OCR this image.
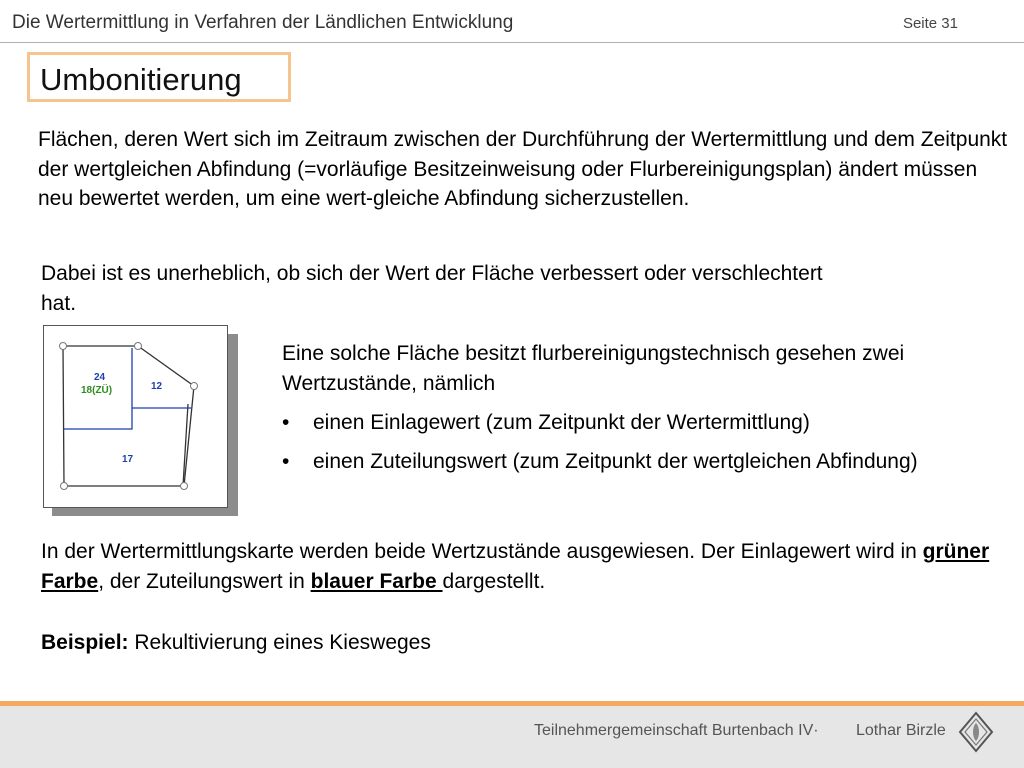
Die Wertermittlung in Verfahren der Ländlichen Entwicklung	Seite 31
Umbonitierung

Flächen, deren Wert sich im Zeitraum zwischen der Durchführung der Wertermittlung und dem Zeitpunkt der wertgleichen Abfindung (=vorläufige Besitzeinweisung oder Flurbereinigungsplan) ändert müssen neu bewertet werden, um eine wert-gleiche Abfindung sicherzustellen.

Dabei ist es unerheblich, ob sich der Wert der Fläche verbessert oder verschlechtert hat.

Eine solche Fläche besitzt flurbereinigungstechnisch gesehen zwei Wertzustände, nämlich

• einen Einlagewert (zum Zeitpunkt der Wertermittlung)
• einen Zuteilungswert (zum Zeitpunkt der wertgleichen Abfindung)

In der Wertermittlungskarte werden beide Wertzustände ausgewiesen. Der Einlagewert wird in grüner Farbe, der Zuteilungswert in blauer Farbe dargestellt.

Beispiel: Rekultivierung eines Kiesweges

24
18(ZÜ)	12
17
Teilnehmergemeinschaft Burtenbach IV· Lothar Birzle
